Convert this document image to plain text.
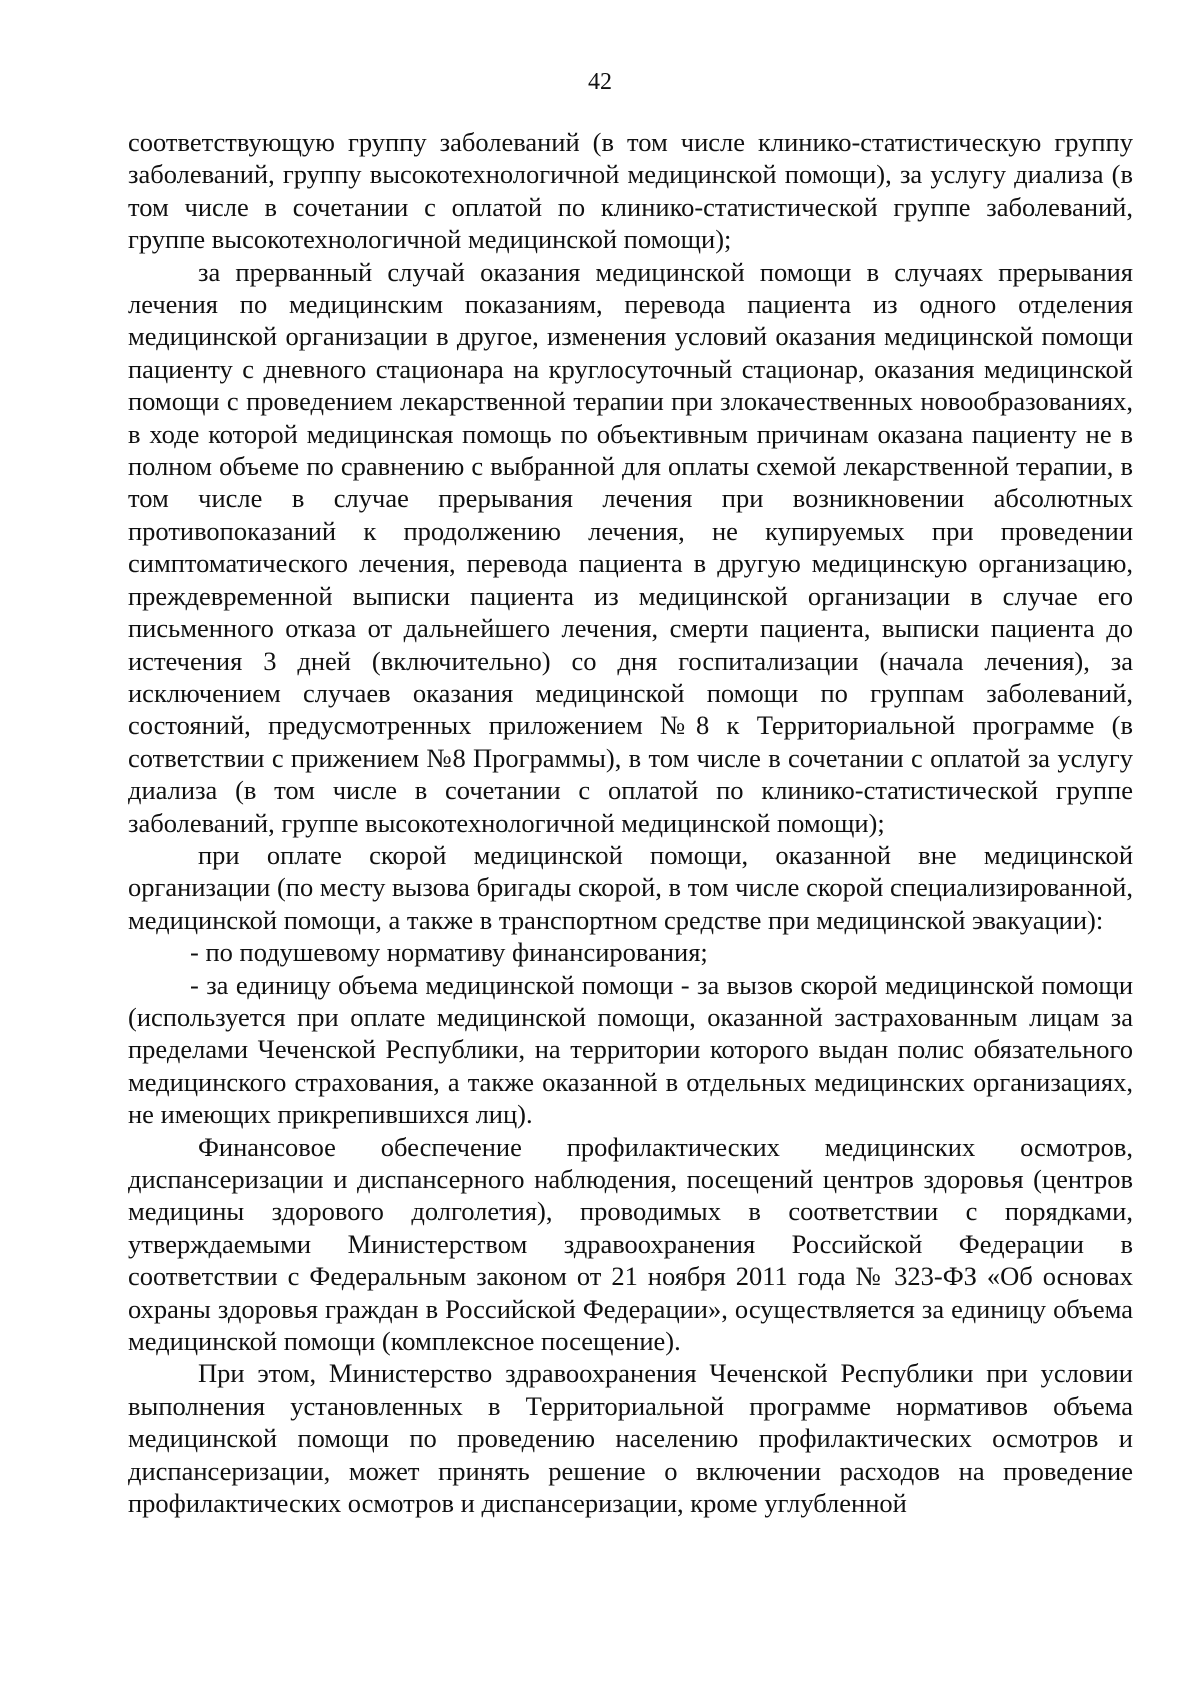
42

соответствующую группу заболеваний (в том числе клинико-статистическую группу заболеваний, группу высокотехнологичной медицинской помощи), за услугу диализа (в том числе в сочетании с оплатой по клинико-статистической группе заболеваний, группе высокотехнологичной медицинской помощи);

за прерванный случай оказания медицинской помощи в случаях прерывания лечения по медицинским показаниям, перевода пациента из одного отделения медицинской организации в другое, изменения условий оказания медицинской помощи пациенту с дневного стационара на круглосуточный стационар, оказания медицинской помощи с проведением лекарственной терапии при злокачественных новообразованиях, в ходе которой медицинская помощь по объективным причинам оказана пациенту не в полном объеме по сравнению с выбранной для оплаты схемой лекарственной терапии, в том числе в случае прерывания лечения при возникновении абсолютных противопоказаний к продолжению лечения, не купируемых при проведении симптоматического лечения, перевода пациента в другую медицинскую организацию, преждевременной выписки пациента из медицинской организации в случае его письменного отказа от дальнейшего лечения, смерти пациента, выписки пациента до истечения 3 дней (включительно) со дня госпитализации (начала лечения), за исключением случаев оказания медицинской помощи по группам заболеваний, состояний, предусмотренных приложением №8 к Территориальной программе (в сответствии с прижением №8 Программы), в том числе в сочетании с оплатой за услугу диализа (в том числе в сочетании с оплатой по клинико-статистической группе заболеваний, группе высокотехнологичной медицинской помощи);

при оплате скорой медицинской помощи, оказанной вне медицинской организации (по месту вызова бригады скорой, в том числе скорой специализированной, медицинской помощи, а также в транспортном средстве при медицинской эвакуации):

- по подушевому нормативу финансирования;

- за единицу объема медицинской помощи - за вызов скорой медицинской помощи (используется при оплате медицинской помощи, оказанной застрахованным лицам за пределами Чеченской Республики, на территории которого выдан полис обязательного медицинского страхования, а также оказанной в отдельных медицинских организациях, не имеющих прикрепившихся лиц).

Финансовое обеспечение профилактических медицинских осмотров, диспансеризации и диспансерного наблюдения, посещений центров здоровья (центров медицины здорового долголетия), проводимых в соответствии с порядками, утверждаемыми Министерством здравоохранения Российской Федерации в соответствии с Федеральным законом от 21 ноября 2011 года № 323-ФЗ «Об основах охраны здоровья граждан в Российской Федерации», осуществляется за единицу объема медицинской помощи (комплексное посещение).

При этом, Министерство здравоохранения Чеченской Республики при условии выполнения установленных в Территориальной программе нормативов объема медицинской помощи по проведению населению профилактических осмотров и диспансеризации, может принять решение о включении расходов на проведение профилактических осмотров и диспансеризации, кроме углубленной
